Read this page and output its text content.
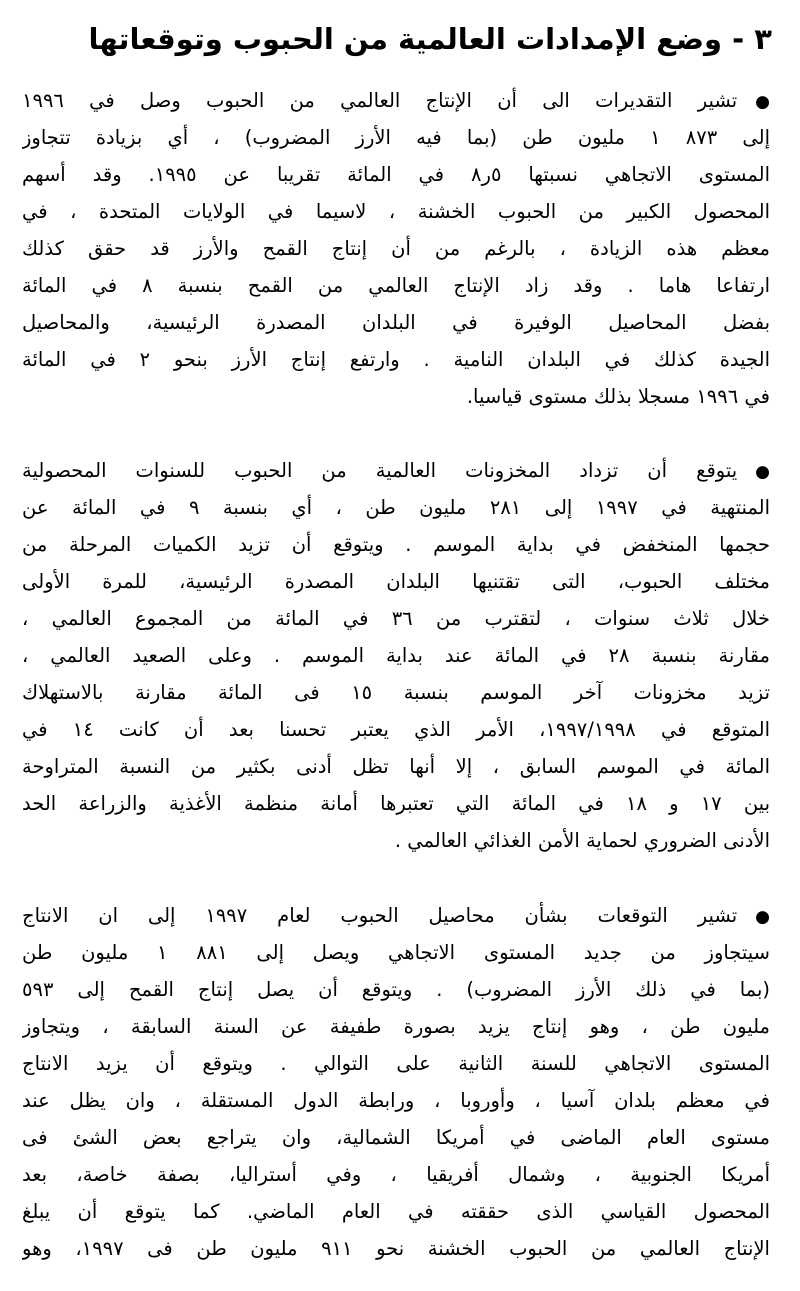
٣ - وضع الإمدادات العالمية من الحبوب وتوقعاتها
●تشير التقديرات الى أن الإنتاج العالمي من الحبوب وصل في ١٩٩٦
إلى ٨٧٣ ١ مليون طن (بما فيه الأرز المضروب) ، أي بزيادة تتجاوز
المستوى الاتجاهي نسبتها ٥ر٨ في المائة تقريبا عن ١٩٩٥. وقد أسهم
المحصول الكبير من الحبوب الخشنة ، لاسيما في الولايات المتحدة ، في
معظم هذه الزيادة ، بالرغم من أن إنتاج القمح والأرز قد حقق كذلك
ارتفاعا هاما . وقد زاد الإنتاج العالمي من القمح بنسبة ٨ في المائة
بفضل المحاصيل الوفيرة في البلدان المصدرة الرئيسية، والمحاصيل
الجيدة كذلك في البلدان النامية . وارتفع إنتاج الأرز بنحو ٢ في المائة
في ١٩٩٦ مسجلا بذلك مستوى قياسيا.
●يتوقع أن تزداد المخزونات العالمية من الحبوب للسنوات المحصولية
المنتهية في ١٩٩٧ إلى ٢٨١ مليون طن ، أي بنسبة ٩ في المائة عن
حجمها المنخفض في بداية الموسم . ويتوقع أن تزيد الكميات المرحلة من
مختلف الحبوب، التى تقتنيها البلدان المصدرة الرئيسية، للمرة الأولى
خلال ثلاث سنوات ، لتقترب من ٣٦ في المائة من المجموع العالمي ،
مقارنة بنسبة ٢٨ في المائة عند بداية الموسم . وعلى الصعيد العالمي ،
تزيد مخزونات آخر الموسم بنسبة ١٥ فى المائة مقارنة بالاستهلاك
المتوقع في ١٩٩٧/١٩٩٨، الأمر الذي يعتبر تحسنا بعد أن كانت ١٤ في
المائة في الموسم السابق ، إلا أنها تظل أدنى بكثير من النسبة المتراوحة
بين ١٧ و ١٨ في المائة التي تعتبرها أمانة منظمة الأغذية والزراعة الحد
الأدنى الضروري لحماية الأمن الغذائي العالمي .
●تشير التوقعات بشأن محاصيل الحبوب لعام ١٩٩٧ إلى ان الانتاج
سيتجاوز من جديد المستوى الاتجاهي ويصل إلى ٨٨١ ١ مليون طن
(بما في ذلك الأرز المضروب) . ويتوقع أن يصل إنتاج القمح إلى ٥٩٣
مليون طن ، وهو إنتاج يزيد بصورة طفيفة عن السنة السابقة ، ويتجاوز
المستوى الاتجاهي للسنة الثانية على التوالي . ويتوقع أن يزيد الانتاج
في معظم بلدان آسيا ، وأوروبا ، ورابطة الدول المستقلة ، وان يظل عند
مستوى العام الماضى في أمريكا الشمالية، وان يتراجع بعض الشئ فى
أمريكا الجنوبية ، وشمال أفريقيا ، وفي أستراليا، بصفة خاصة، بعد
المحصول القياسي الذى حققته في العام الماضي. كما يتوقع أن يبلغ
الإنتاج العالمي من الحبوب الخشنة نحو ٩١١ مليون طن فى ١٩٩٧، وهو
